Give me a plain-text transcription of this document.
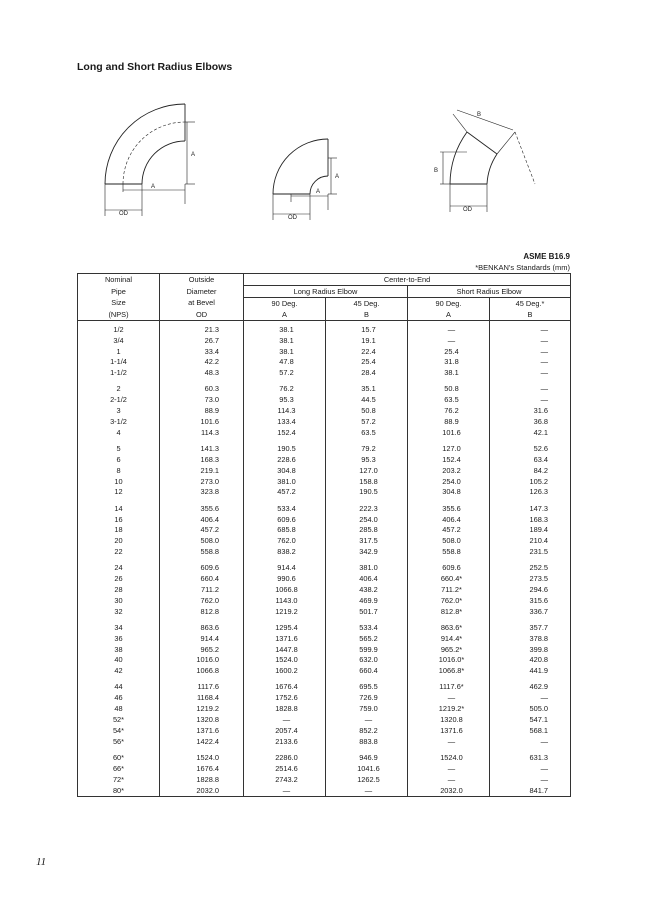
Long and Short Radius Elbows
A
A
OD
A
A
OD
B
B
OD
ASME B16.9
*BENKAN's Standards (mm)
Nominal	Outside	Center-to-End			
Pipe	Diameter	Long Radius Elbow		Short Radius Elbow	
Size	at Bevel	90 Deg.	45 Deg.	90 Deg.	45 Deg.*
(NPS)	OD	A	B	A	B
1/2	21.3	38.1	15.7	—	—
3/4	26.7	38.1	19.1	—	—
1	33.4	38.1	22.4	25.4	—
1-1/4	42.2	47.8	25.4	31.8	—
1-1/2	48.3	57.2	28.4	38.1	—
2	60.3	76.2	35.1	50.8	—
2-1/2	73.0	95.3	44.5	63.5	—
3	88.9	114.3	50.8	76.2	31.6
3-1/2	101.6	133.4	57.2	88.9	36.8
4	114.3	152.4	63.5	101.6	42.1
5	141.3	190.5	79.2	127.0	52.6
6	168.3	228.6	95.3	152.4	63.4
8	219.1	304.8	127.0	203.2	84.2
10	273.0	381.0	158.8	254.0	105.2
12	323.8	457.2	190.5	304.8	126.3
14	355.6	533.4	222.3	355.6	147.3
16	406.4	609.6	254.0	406.4	168.3
18	457.2	685.8	285.8	457.2	189.4
20	508.0	762.0	317.5	508.0	210.4
22	558.8	838.2	342.9	558.8	231.5
24	609.6	914.4	381.0	609.6	252.5
26	660.4	990.6	406.4	660.4*	273.5
28	711.2	1066.8	438.2	711.2*	294.6
30	762.0	1143.0	469.9	762.0*	315.6
32	812.8	1219.2	501.7	812.8*	336.7
34	863.6	1295.4	533.4	863.6*	357.7
36	914.4	1371.6	565.2	914.4*	378.8
38	965.2	1447.8	599.9	965.2*	399.8
40	1016.0	1524.0	632.0	1016.0*	420.8
42	1066.8	1600.2	660.4	1066.8*	441.9
44	1117.6	1676.4	695.5	1117.6*	462.9
46	1168.4	1752.6	726.9	—	—
48	1219.2	1828.8	759.0	1219.2*	505.0
52*	1320.8	—	—	1320.8	547.1
54*	1371.6	2057.4	852.2	1371.6	568.1
56*	1422.4	2133.6	883.8	—	—
60*	1524.0	2286.0	946.9	1524.0	631.3
66*	1676.4	2514.6	1041.6	—	—
72*	1828.8	2743.2	1262.5	—	—
80*	2032.0	—	—	2032.0	841.7
11
